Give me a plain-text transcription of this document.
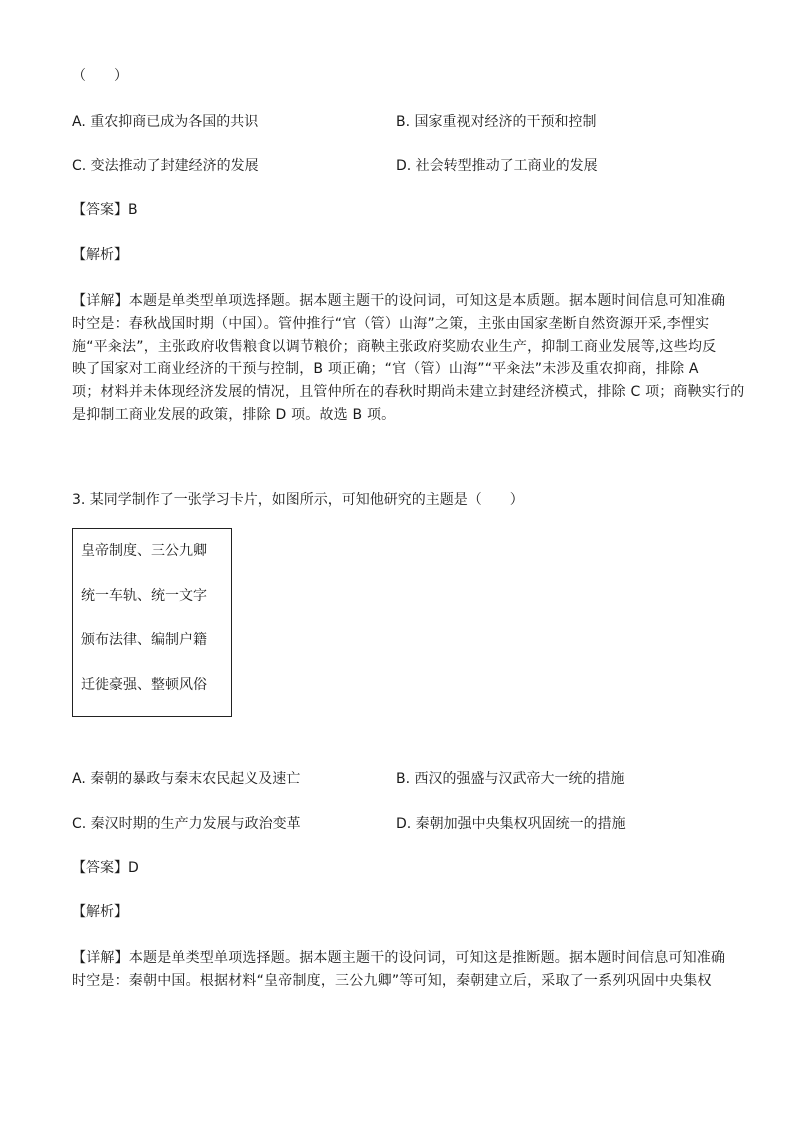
（　　）
A. 重农抑商已成为各国的共识	B. 国家重视对经济的干预和控制
C. 变法推动了封建经济的发展	D. 社会转型推动了工商业的发展
【答案】B
【解析】
【详解】本题是单类型单项选择题。据本题主题干的设问词，可知这是本质题。据本题时间信息可知准确
时空是：春秋战国时期（中国）。管仲推行“官（管）山海”之策，主张由国家垄断自然资源开采,李悝实
施“平籴法”，主张政府收售粮食以调节粮价；商鞅主张政府奖励农业生产，抑制工商业发展等,这些均反
映了国家对工商业经济的干预与控制，B 项正确；“官（管）山海”“平籴法”未涉及重农抑商，排除 A
项；材料并未体现经济发展的情况，且管仲所在的春秋时期尚未建立封建经济模式，排除 C 项；商鞅实行的
是抑制工商业发展的政策，排除 D 项。故选 B 项。
3. 某同学制作了一张学习卡片，如图所示，可知他研究的主题是（　　）
皇帝制度、三公九卿
统一车轨、统一文字
颁布法律、编制户籍
迁徙豪强、整顿风俗
A. 秦朝的暴政与秦末农民起义及速亡	B. 西汉的强盛与汉武帝大一统的措施
C. 秦汉时期的生产力发展与政治变革	D. 秦朝加强中央集权巩固统一的措施
【答案】D
【解析】
【详解】本题是单类型单项选择题。据本题主题干的设问词，可知这是推断题。据本题时间信息可知准确
时空是：秦朝中国。根据材料“皇帝制度，三公九卿”等可知，秦朝建立后，采取了一系列巩固中央集权
